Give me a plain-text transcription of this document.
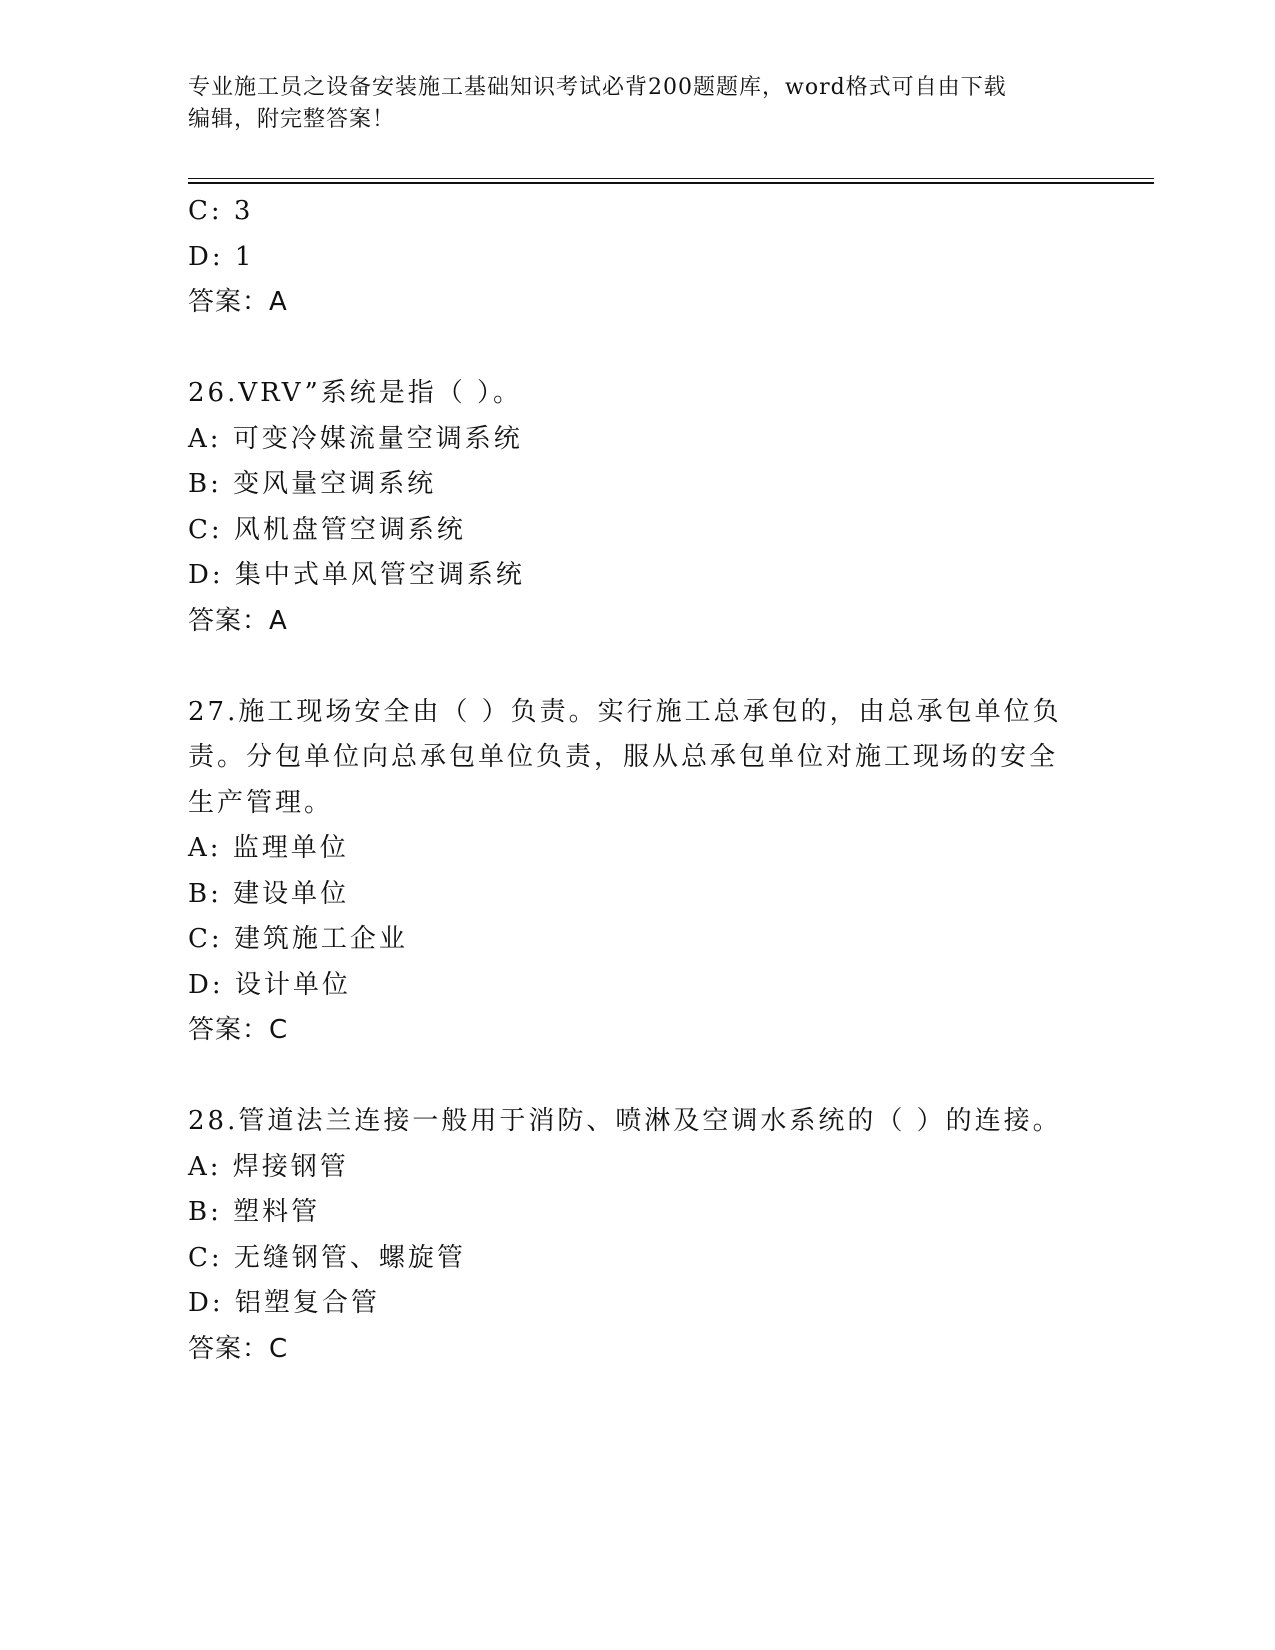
专业施工员之设备安装施工基础知识考试必背200题题库，word格式可自由下载
编辑，附完整答案！
C: 3
D: 1
答案：A
26.VRV”系统是指（ ）。
A: 可变冷媒流量空调系统
B: 变风量空调系统
C: 风机盘管空调系统
D: 集中式单风管空调系统
答案：A
27.施工现场安全由（ ）负责。实行施工总承包的，由总承包单位负
责。分包单位向总承包单位负责，服从总承包单位对施工现场的安全
生产管理。
A: 监理单位
B: 建设单位
C: 建筑施工企业
D: 设计单位
答案：C
28.管道法兰连接一般用于消防、喷淋及空调水系统的（ ）的连接。
A: 焊接钢管
B: 塑料管
C: 无缝钢管、螺旋管
D: 铝塑复合管
答案：C
